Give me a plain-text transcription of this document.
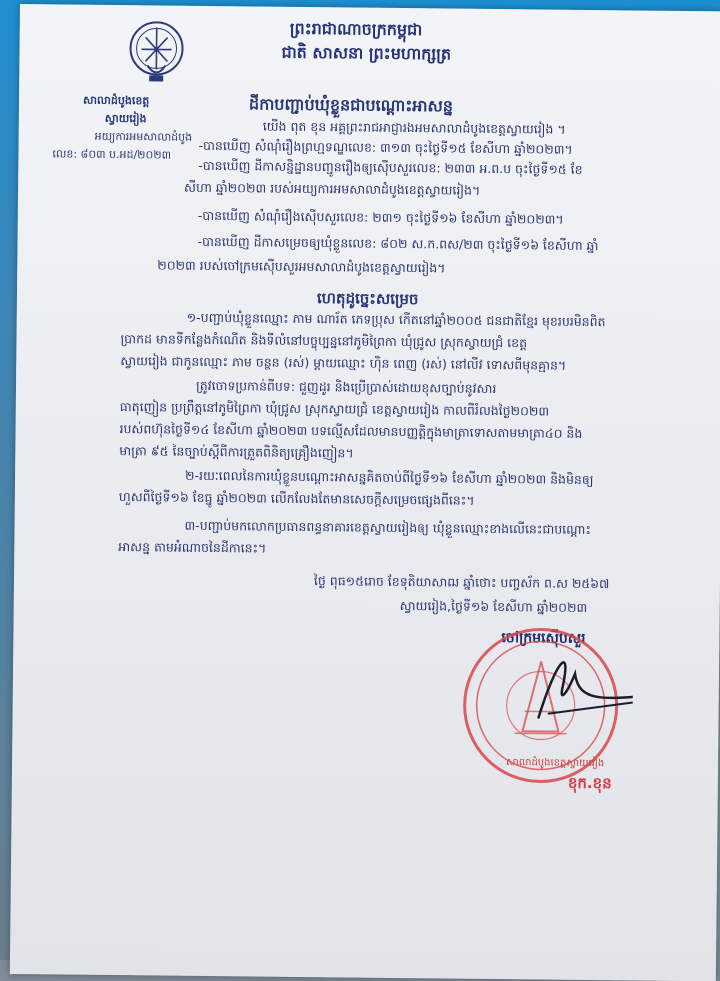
សាលាដំបូងខេត្ត
ស្វាយរៀង
អយ្យការអមសាលាដំបូង
លេខ: ៨០៣ ប.អដ/២០២៣
ព្រះរាជាណាចក្រកម្ពុជា
ជាតិ សាសនា ព្រះមហាក្សត្រ
ដីកាបញ្ជាប់ឃុំខ្លួនជាបណ្ដោះអាសន្ន
យើង ពុត ខុន អគ្គព្រះរាជអាជ្ញារងអមសាលាដំបូងខេត្តស្វាយរៀង ។
-បានឃើញ សំណុំរឿងព្រហ្មទណ្ឌលេខ: ៣១៣ ចុះថ្ងៃទី១៥ ខែសីហា ឆ្នាំ២០២៣។
-បានឃើញ ដីកាសន្និដ្ឋានបញ្ជូនរឿងឲ្យស៊ើបសួរលេខ: ២៣៣ អ.ព.ប ចុះថ្ងៃទី១៥ ខែ
សីហា ឆ្នាំ២០២៣ របស់អយ្យការអមសាលាដំបូងខេត្តស្វាយរៀង។
-បានឃើញ សំណុំរឿងស៊ើបសួរលេខ: ២៣១ ចុះថ្ងៃទី១៦ ខែសីហា ឆ្នាំ២០២៣។
-បានឃើញ ដីកាសម្រេចឲ្យឃុំខ្លួនលេខ: ៨០២ ស.ក.ពស/២៣ ចុះថ្ងៃទី១៦ ខែសីហា ឆ្នាំ
២០២៣ របស់ចៅក្រមស៊ើបសួរអមសាលាដំបូងខេត្តស្វាយរៀង។
ហេតុដូច្នេះសម្រេច
១-បញ្ជាប់ឃុំខ្លួនឈ្មោះ ភាម ណារ័ត ភេទប្រុស កើតនៅឆ្នាំ២០០៥ ជនជាតិខ្មែរ មុខរបរមិនពិត
ប្រាកដ មានទីកន្លែងកំណើត និងទីលំនៅបច្ចុប្បន្ននៅភូមិព្រៃកា ឃុំជ្រូស ស្រុកស្វាយជ្រំ ខេត្ត
ស្វាយរៀង ជាកូនឈ្មោះ ភាម ចន្ថន (រស់) ម្ដាយឈ្មោះ ហ៊ិន ពេញ (រស់) នៅលីវ ទោសពីមុនគ្មាន។
ត្រូវចោទប្រកាន់ពីបទ: ជួញដូរ និងប្រើប្រាស់ដោយខុសច្បាប់នូវសារ
ធាតុញៀន ប្រព្រឹត្តនៅភូមិព្រៃកា ឃុំជ្រូស ស្រុកស្វាយជ្រំ ខេត្តស្វាយរៀង កាលពីរំលងថ្ងៃ២០២៣
របស់ពហ៊ុនថ្ងៃទី១៤ ខែសីហា ឆ្នាំ២០២៣ បទល្មើសដែលមានបញ្ញត្តិក្នុងមាត្រាទោសតាមមាត្រា៤០ និង
មាត្រា ៩៥ នៃច្បាប់ស្ដីពីការត្រួតពិនិត្យគ្រឿងញៀន។
២-រយៈពេលនៃការឃុំខ្លួនបណ្ដោះអាសន្នគិតចាប់ពីថ្ងៃទី១៦ ខែសីហា ឆ្នាំ២០២៣ និងមិនឲ្យ
ហួសពីថ្ងៃទី១៦ ខែធ្នូ ឆ្នាំ២០២៣ លើកលែងតែមានសេចក្ដីសម្រេចផ្សេងពីនេះ។
៣-បញ្ជាប់មកលោកប្រធានពន្ធនាគារខេត្តស្វាយរៀងឲ្យ ឃុំខ្លួនឈ្មោះខាងលើនេះជាបណ្ដោះ
អាសន្ន តាមអំណាចនៃដីកានេះ។
ថ្ងៃ ពុធ១៥រោច ខែទុតិយាសាឍ ឆ្នាំថោះ បញ្ចស័ក ព.ស ២៥៦៧
ស្វាយរៀង,ថ្ងៃទី១៦ ខែសីហា ឆ្នាំ២០២៣
ចៅក្រមស៊ើបសួរ
សាលាដំបូងខេត្តស្វាយរៀង
ខុក.ខុន
